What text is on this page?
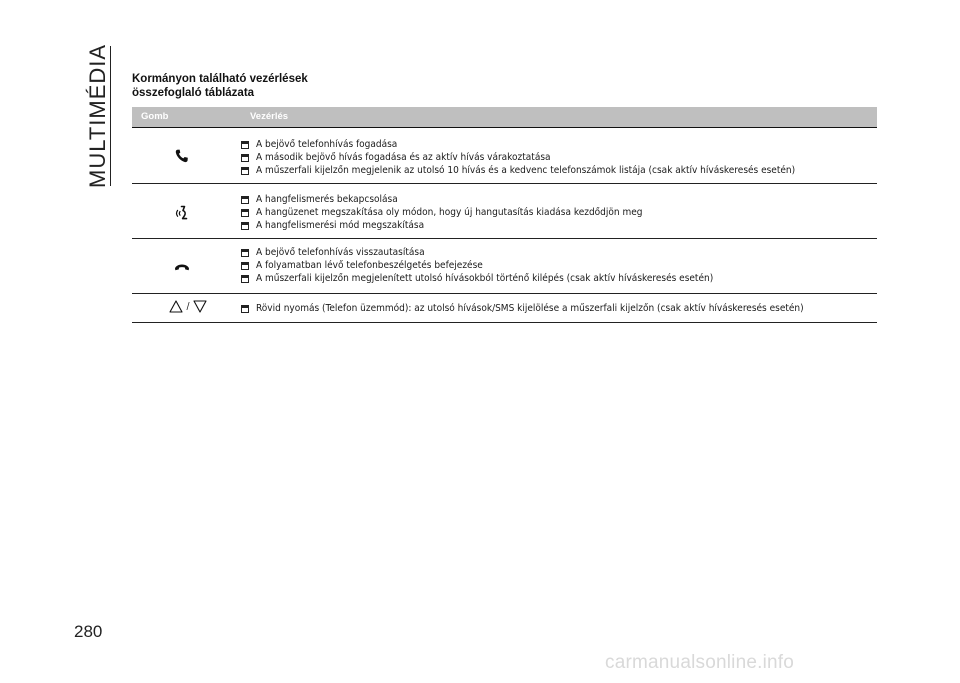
MULTIMÉDIA Kormányon található vezérlések
összefoglaló táblázata
Gomb	Vezérlés
A bejövő telefonhívás fogadása
A második bejövő hívás fogadása és az aktív hívás várakoztatása
A műszerfali kijelzőn megjelenik az utolsó 10 hívás és a kedvenc telefonszámok listája (csak aktív híváskeresés esetén)
A hangfelismerés bekapcsolása
A hangüzenet megszakítása oly módon, hogy új hangutasítás kiadása kezdődjön meg
A hangfelismerési mód megszakítása
A bejövő telefonhívás visszautasítása
A folyamatban lévő telefonbeszélgetés befejezése
A műszerfali kijelzőn megjelenített utolsó hívásokból történő kilépés (csak aktív híváskeresés esetén)
/	Rövid nyomás (Telefon üzemmód): az utolsó hívások/SMS kijelölése a műszerfali kijelzőn (csak aktív híváskeresés esetén)
280
carmanualsonline.info
